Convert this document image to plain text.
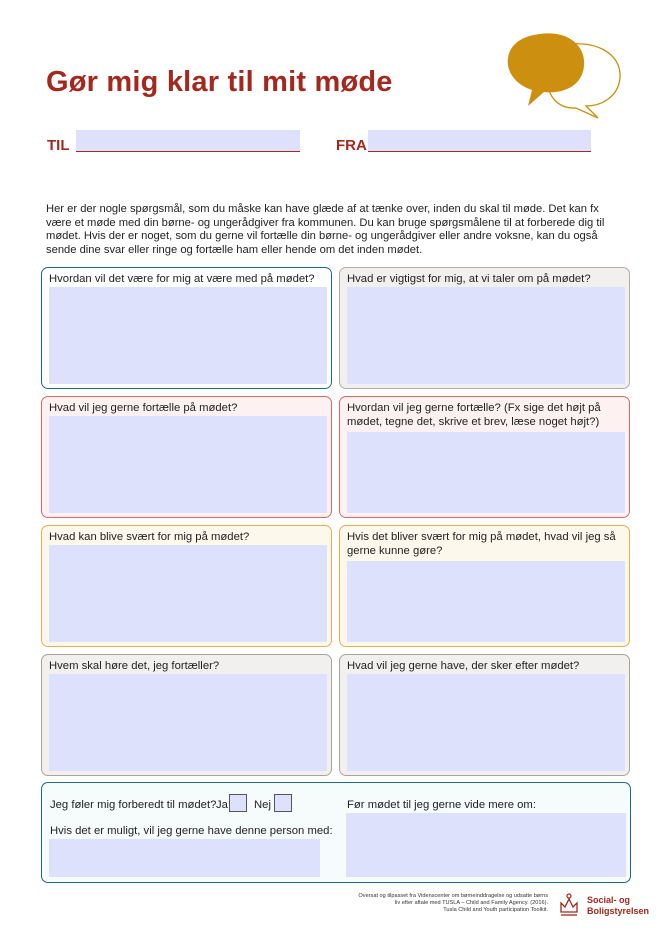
Gør mig klar til mit møde
TIL	FRA
Her er der nogle spørgsmål, som du måske kan have glæde af at tænke over, inden du skal til møde. Det kan fx være et møde med din børne- og ungerådgiver fra kommunen. Du kan bruge spørgsmålene til at forberede dig til mødet. Hvis der er noget, som du gerne vil fortælle din børne- og ungerådgiver eller andre voksne, kan du også sende dine svar eller ringe og fortælle ham eller hende om det inden mødet.
Hvordan vil det være for mig at være med på mødet?	Hvad er vigtigst for mig, at vi taler om på mødet?
Hvad vil jeg gerne fortælle på mødet?	Hvordan vil jeg gerne fortælle? (Fx sige det højt på mødet, tegne det, skrive et brev, læse noget højt?)
Hvad kan blive svært for mig på mødet?	Hvis det bliver svært for mig på mødet, hvad vil jeg så gerne kunne gøre?
Hvem skal høre det, jeg fortæller?	Hvad vil jeg gerne have, der sker efter mødet?
Jeg føler mig forberedt til mødet? Ja Nej
Hvis det er muligt, vil jeg gerne have denne person med:
Før mødet til jeg gerne vide mere om:
Oversat og tilpasset fra Videnscenter om børneinddragelse og udsatte børns
liv efter aftale med TUSLA – Child and Family Agency. (2016).
Tusla Child and Youth participation Toolkit.
Social- og
Boligstyrelsen
